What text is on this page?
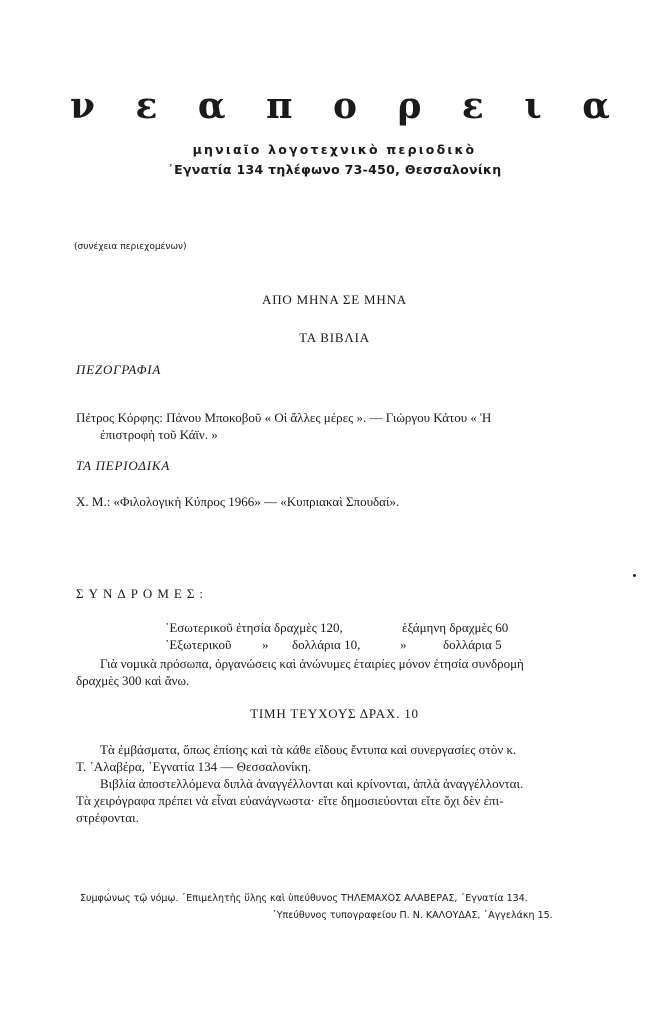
ν ε α π ο ρ ε ι α
μηνιαῖο λογοτεχνικὸ περιοδικὸ
᾿Εγνατία 134 τηλέφωνο 73-450, Θεσσαλονίκη
(συνέχεια περιεχομένων)
ΑΠΟ ΜΗΝΑ ΣΕ ΜΗΝΑ
ΤΑ ΒΙΒΛΙΑ
ΠΕΖΟΓΡΑΦΙΑ
Πέτρος Κόρφης: Πάνου Μποκοβοῦ « Οἱ ἄλλες μέρες ». — Γιώργου Κάτου « Ἡ
ἐπιστροφὴ τοῦ Κάϊν. »
ΤΑ ΠΕΡΙΟΔΙΚΑ
Χ. Μ.: «Φιλολογικὴ Κύπρος 1966» — «Κυπριακαὶ Σπουδαί».
ΣΥΝΔΡΟΜΕΣ:
᾿Εσωτερικοῦ ἐτησία δραχμὲς 120,	ἑξάμηνη δραχμὲς 60
᾿Εξωτερικοῦ » δολλάρια 10,	»	δολλάρια 5
Γιὰ νομικὰ πρόσωπα, ὀργανώσεις καὶ ἀνώνυμες ἑταιρίες μόνον ἐτησία συνδρομὴ
δραχμὲς 300 καὶ ἄνω.
ΤΙΜΗ ΤΕΥΧΟΥΣ ΔΡΑΧ. 10
Τὰ ἐμβάσματα, ὅπως ἐπίσης καὶ τὰ κάθε εἴδους ἔντυπα καὶ συνεργασίες στὸν κ.
Τ. ᾿Αλαβέρα, ᾿Εγνατία 134 — Θεσσαλονίκη.
Βιβλία ἀποστελλόμενα διπλὰ ἀναγγέλλονται καὶ κρίνονται, ἁπλὰ ἀναγγέλλονται.
Τὰ χειρόγραφα πρέπει νὰ εἶναι εὐανάγνωστα· εἴτε δημοσιεύονται εἴτε ὄχι δὲν ἐπι-
στρέφονται.
Συμφώνως τῷ νόμῳ. ᾿Επιμελητὴς ὕλης καὶ ὑπεύθυνος ΤΗΛΕΜΑΧΟΣ ΑΛΑΒΕΡΑΣ, ᾿Εγνατία 134.
῾Υπεύθυνος τυπογραφείου Π. Ν. ΚΑΛΟΥΔΑΣ, ᾿Αγγελάκη 15.
